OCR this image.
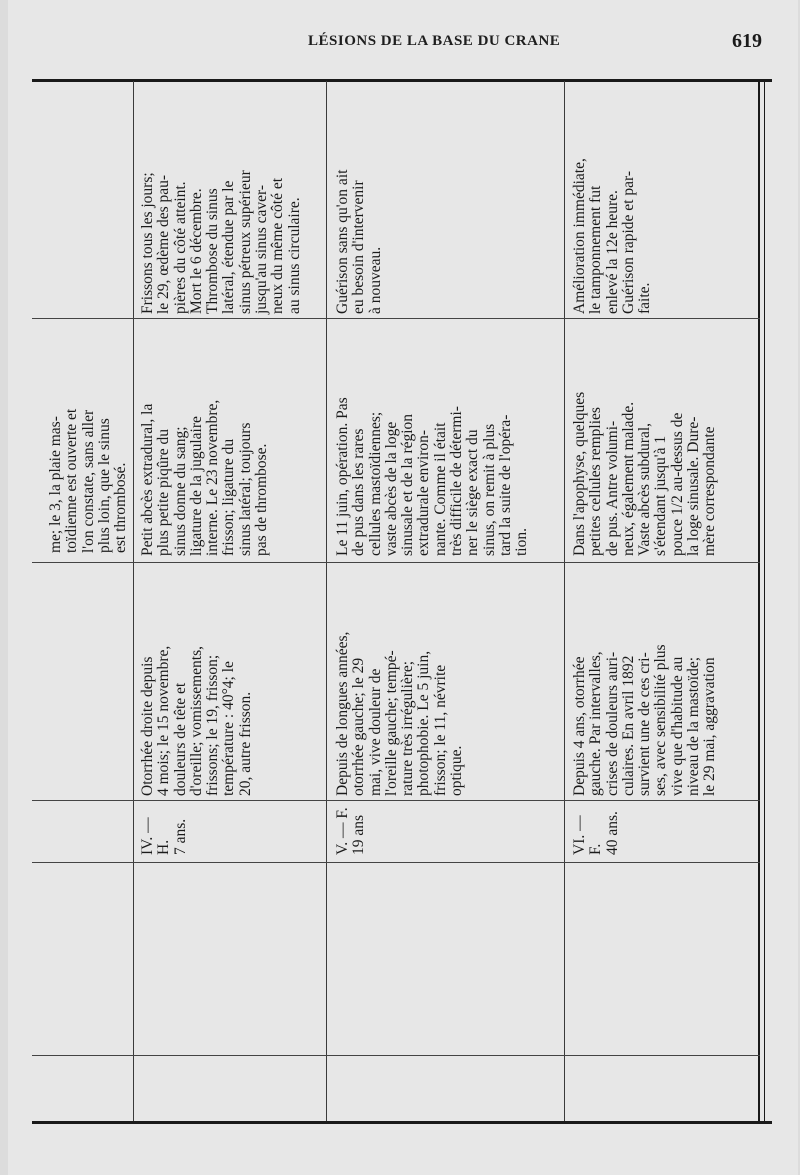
LÉSIONS DE LA BASE DU CRANE	619
me; le 3, la plaie mas- toïdienne est ouverte et l'on constate, sans aller plus loin, que le sinus est thrombosé.
IV. — H. 7 ans.
Otorrhée droite depuis 4 mois; le 15 novembre, douleurs de tête et d'oreille; vomissements, frissons; le 19, frisson; température : 40°4; le 20, autre frisson.
Petit abcès extradural, la plus petite piqûre du sinus donne du sang; ligature de la jugulaire interne. Le 23 novembre, frisson; ligature du sinus latéral; toujours pas de thrombose.
Frissons tous les jours; le 29, œdème des pau- pières du côté atteint. Mort le 6 décembre. Thrombose du sinus latéral, étendue par le sinus pétreux supérieur jusqu'au sinus caver- neux du même côté et au sinus circulaire.
V. — F. 19 ans
Depuis de longues années, otorrhée gauche; le 29 mai, vive douleur de l'oreille gauche; tempé- rature très irrégulière; photophobie. Le 5 juin, frisson; le 11, névrite optique.
Le 11 juin, opération. Pas de pus dans les rares cellules mastoïdiennes; vaste abcès de la loge sinusale et de la région extradurale environ- nante. Comme il était très difficile de détermi- ner le siège exact du sinus, on remit à plus tard la suite de l'opéra- tion.
Guérison sans qu'on ait eu besoin d'intervenir à nouveau.
VI. — F. 40 ans.
Depuis 4 ans, otorrhée gauche. Par intervalles, crises de douleurs auri- culaires. En avril 1892 survient une de ces cri- ses, avec sensibilité plus vive que d'habitude au niveau de la mastoïde; le 29 mai, aggravation
Dans l'apophyse, quelques petites cellules remplies de pus. Antre volumi- neux, également malade. Vaste abcès subdural, s'étendant jusqu'à 1 pouce 1/2 au-dessus de la loge sinusale. Dure- mère correspondante
Amélioration immédiate, le tamponnement fut enlevé la 12e heure. Guérison rapide et par- faite.
